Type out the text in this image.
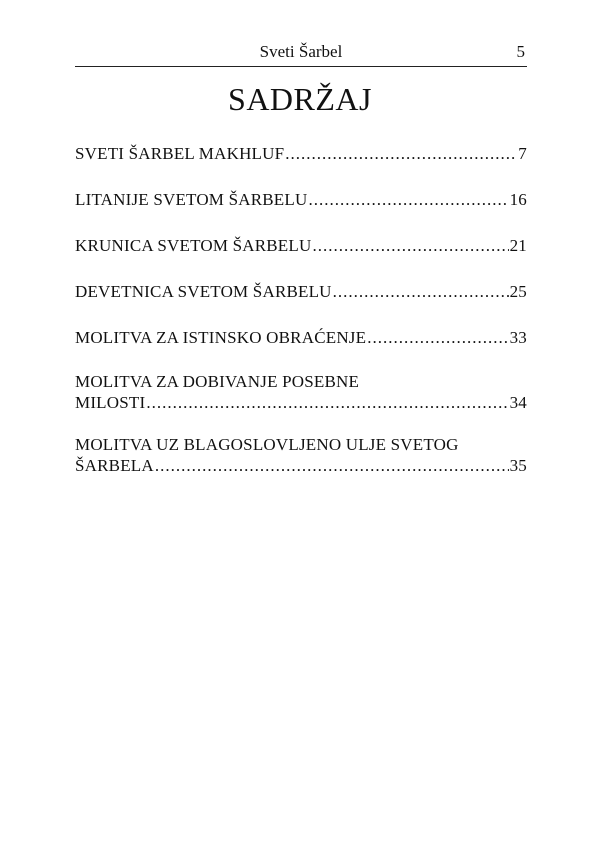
Sveti Šarbel	5
SADRŽAJ
SVETI ŠARBEL MAKHLUF .....	7
LITANIJE SVETOM ŠARBELU .....	16
KRUNICA SVETOM ŠARBELU .....	21
DEVETNICA SVETOM ŠARBELU .....	25
MOLITVA ZA ISTINSKO OBRAĆENJE .....	33
MOLITVA ZA DOBIVANJE POSEBNE
MILOSTI .....	34
MOLITVA UZ BLAGOSLOVLJENO ULJE SVETOG
ŠARBELA .....	35
